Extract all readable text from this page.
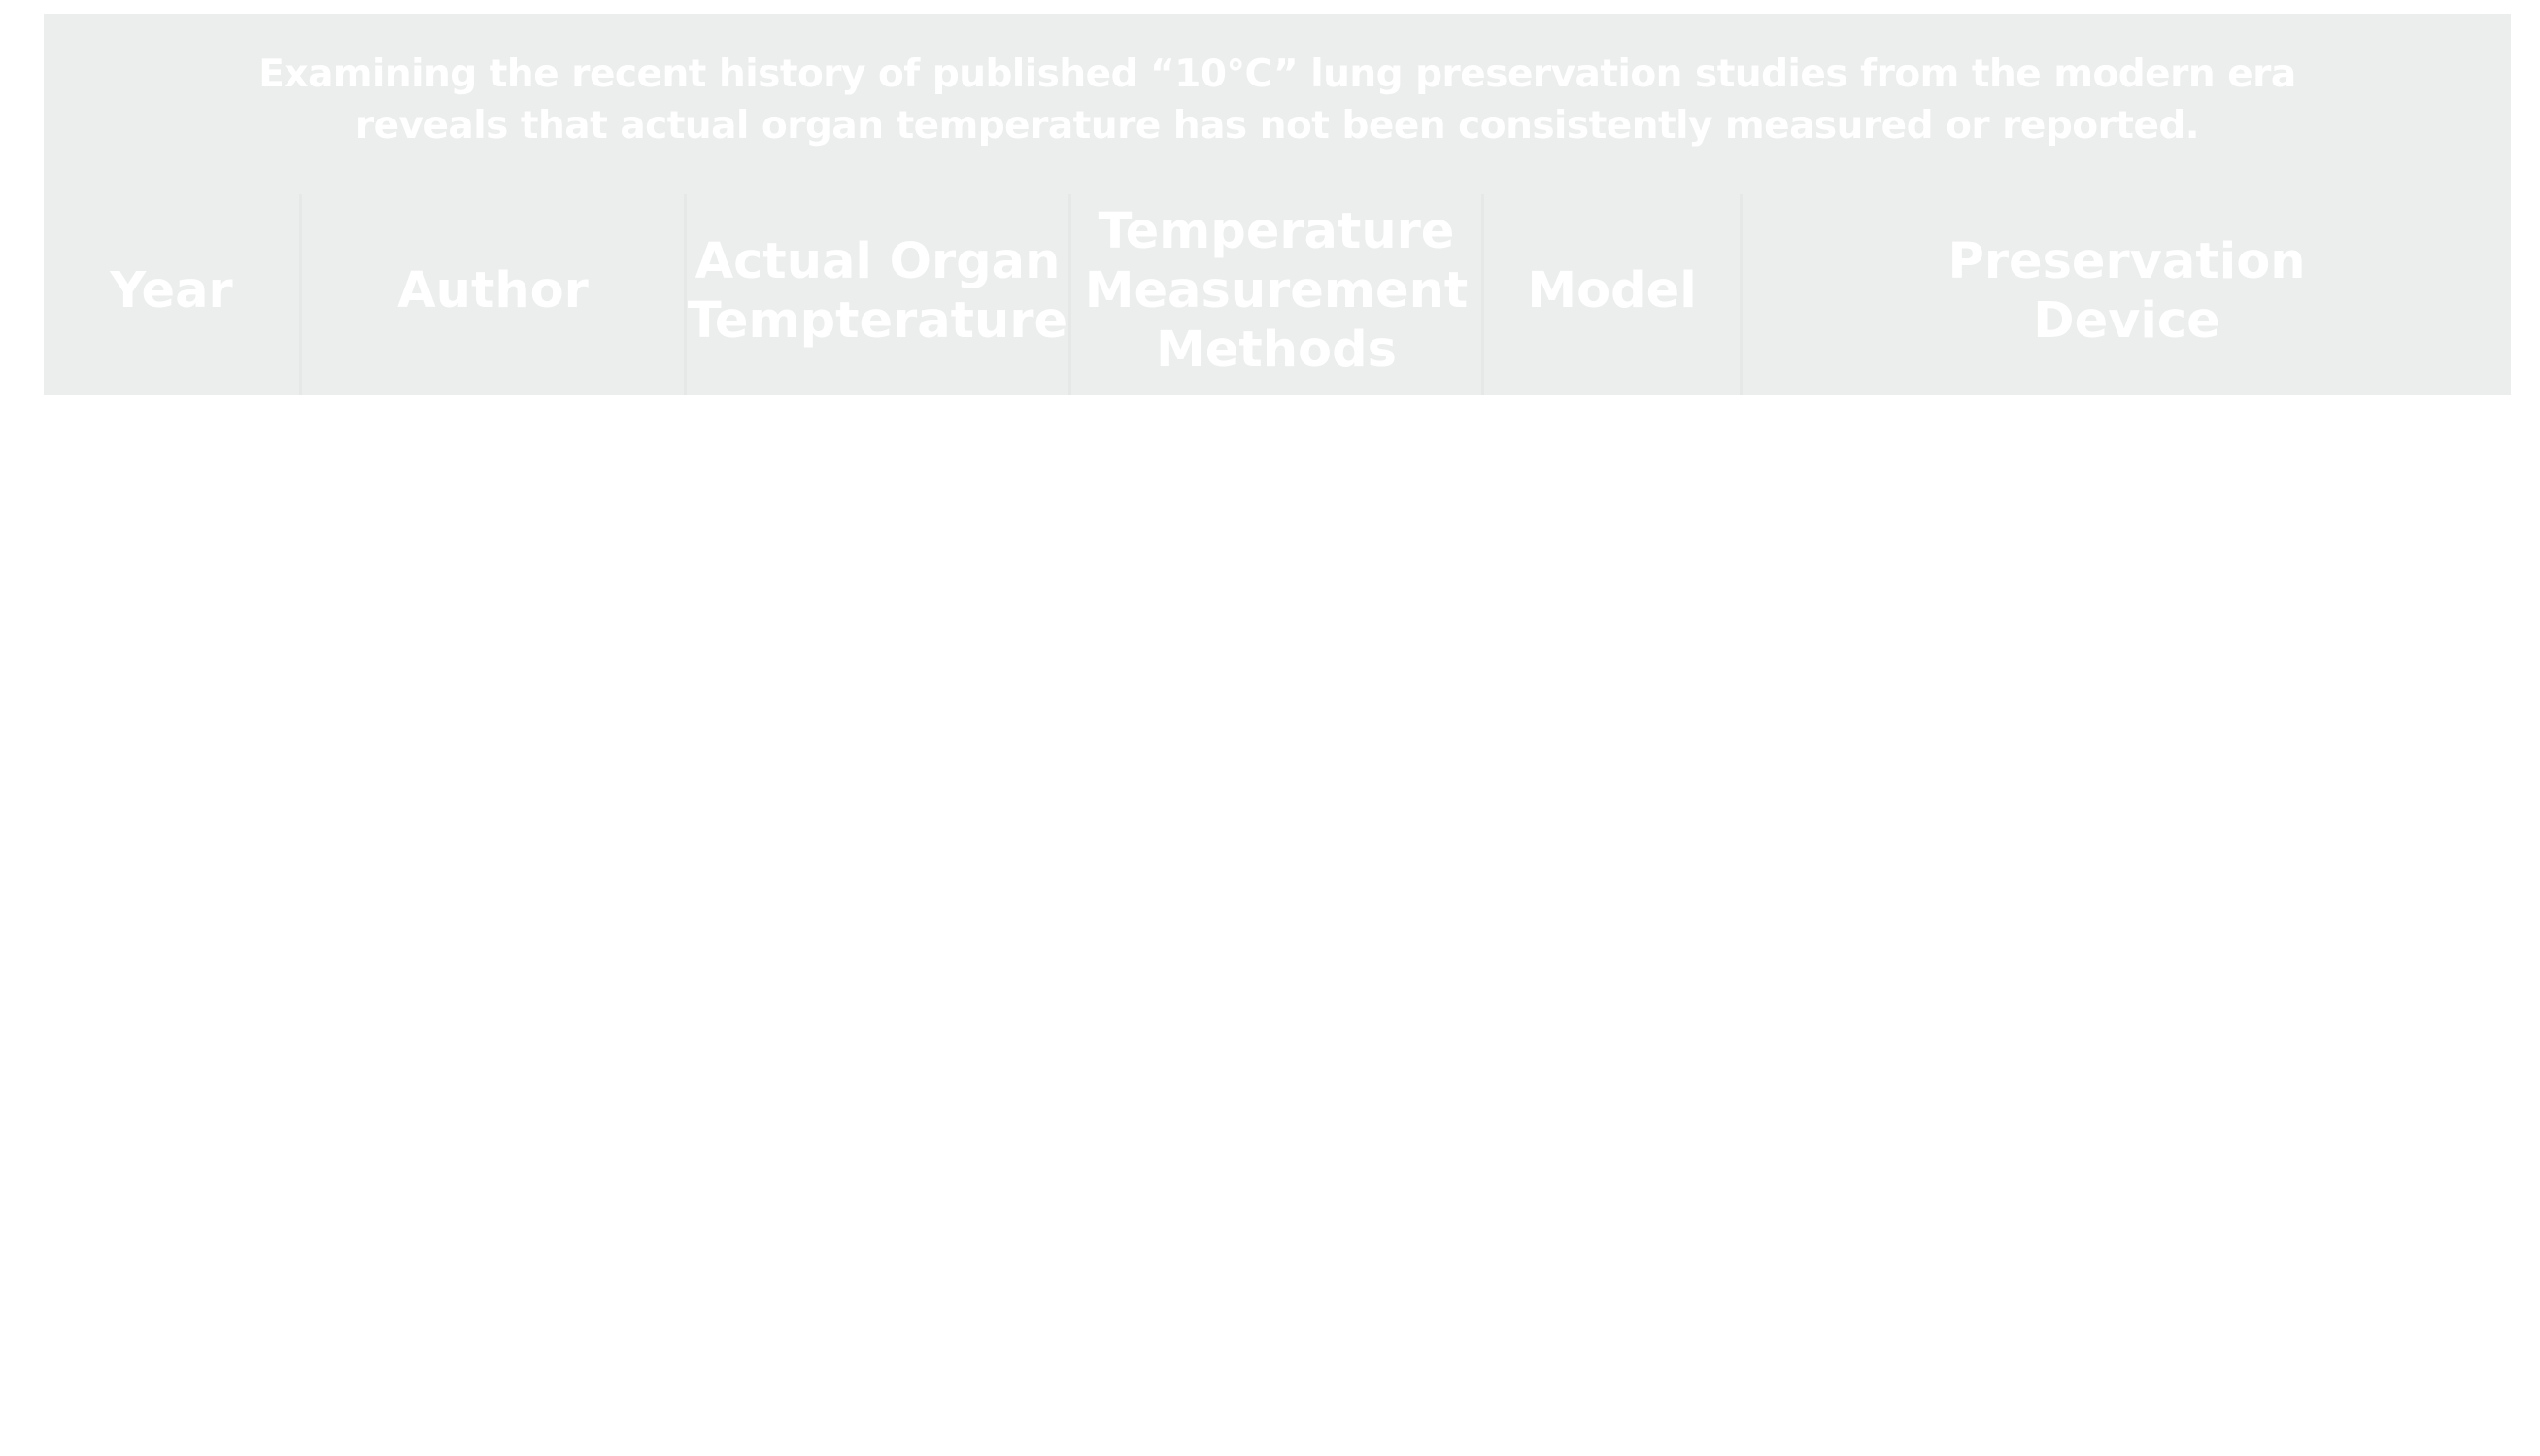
Examining the recent history of published “10°C” lung preservation studies from the modern era
reveals that actual organ temperature has not been consistently measured or reported.
Year	Author
Actual Organ
Tempterature
Temperature
Measurement
Methods
Model
Preservation
Device
